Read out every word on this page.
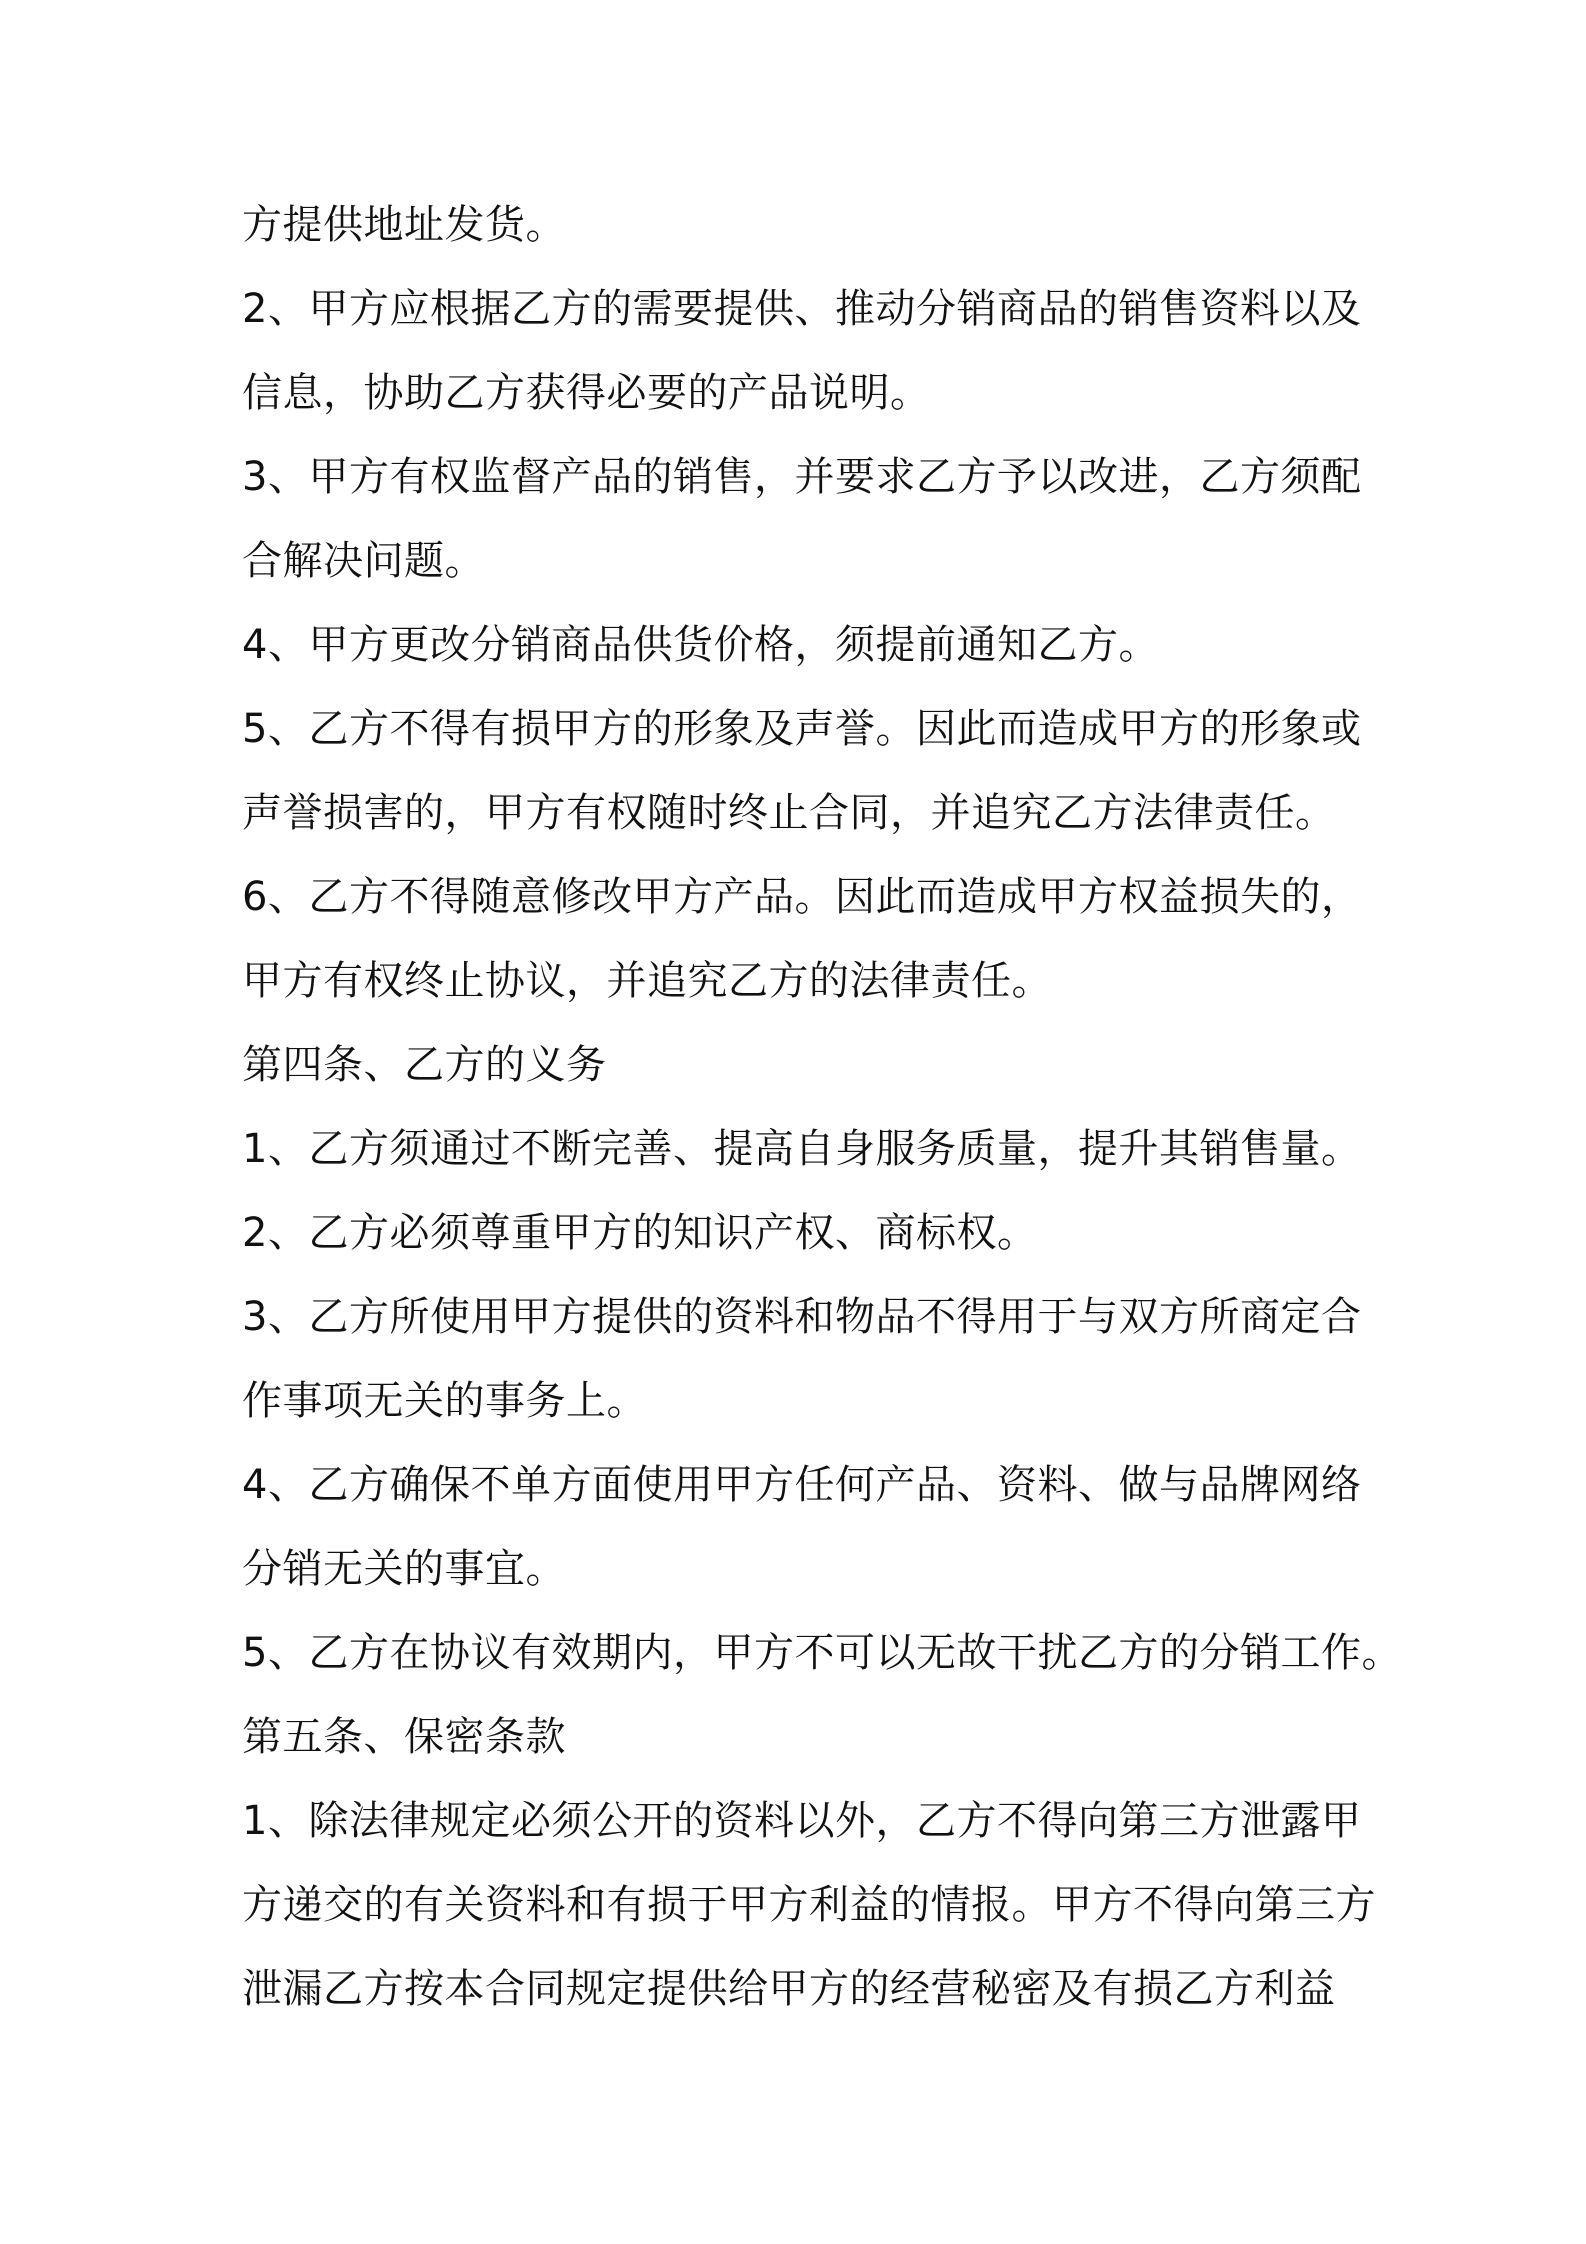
方提供地址发货。
2、甲方应根据乙方的需要提供、推动分销商品的销售资料以及
信息，协助乙方获得必要的产品说明。
3、甲方有权监督产品的销售，并要求乙方予以改进，乙方须配
合解决问题。
4、甲方更改分销商品供货价格，须提前通知乙方。
5、乙方不得有损甲方的形象及声誉。因此而造成甲方的形象或
声誉损害的，甲方有权随时终止合同，并追究乙方法律责任。
6、乙方不得随意修改甲方产品。因此而造成甲方权益损失的，
甲方有权终止协议，并追究乙方的法律责任。
第四条、乙方的义务
1、乙方须通过不断完善、提高自身服务质量，提升其销售量。
2、乙方必须尊重甲方的知识产权、商标权。
3、乙方所使用甲方提供的资料和物品不得用于与双方所商定合
作事项无关的事务上。
4、乙方确保不单方面使用甲方任何产品、资料、做与品牌网络
分销无关的事宜。
5、乙方在协议有效期内，甲方不可以无故干扰乙方的分销工作。
第五条、保密条款
1、除法律规定必须公开的资料以外，乙方不得向第三方泄露甲
方递交的有关资料和有损于甲方利益的情报。甲方不得向第三方
泄漏乙方按本合同规定提供给甲方的经营秘密及有损乙方利益
